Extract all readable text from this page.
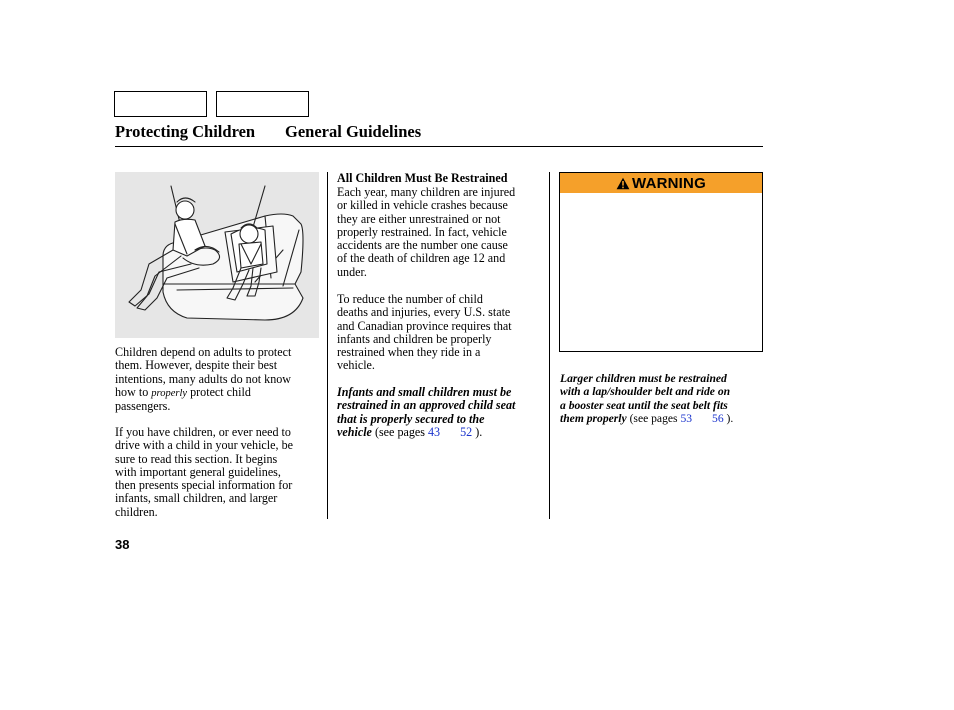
Protecting Children General Guidelines
Children depend on adults to protect
them. However, despite their best
intentions, many adults do not know
how to properly protect child
passengers.
If you have children, or ever need to
drive with a child in your vehicle, be
sure to read this section. It begins
with important general guidelines,
then presents special information for
infants, small children, and larger
children.
All Children Must Be Restrained
Each year, many children are injured
or killed in vehicle crashes because
they are either unrestrained or not
properly restrained. In fact, vehicle
accidents are the number one cause
of the death of children age 12 and
under.
To reduce the number of child
deaths and injuries, every U.S. state
and Canadian province requires that
infants and children be properly
restrained when they ride in a
vehicle.
Infants and small children must be
restrained in an approved child seat
that is properly secured to the
vehicle (see pages 43 52 ).
WARNING
Larger children must be restrained
with a lap/shoulder belt and ride on
a booster seat until the seat belt fits
them properly (see pages 53 56 ).
38
